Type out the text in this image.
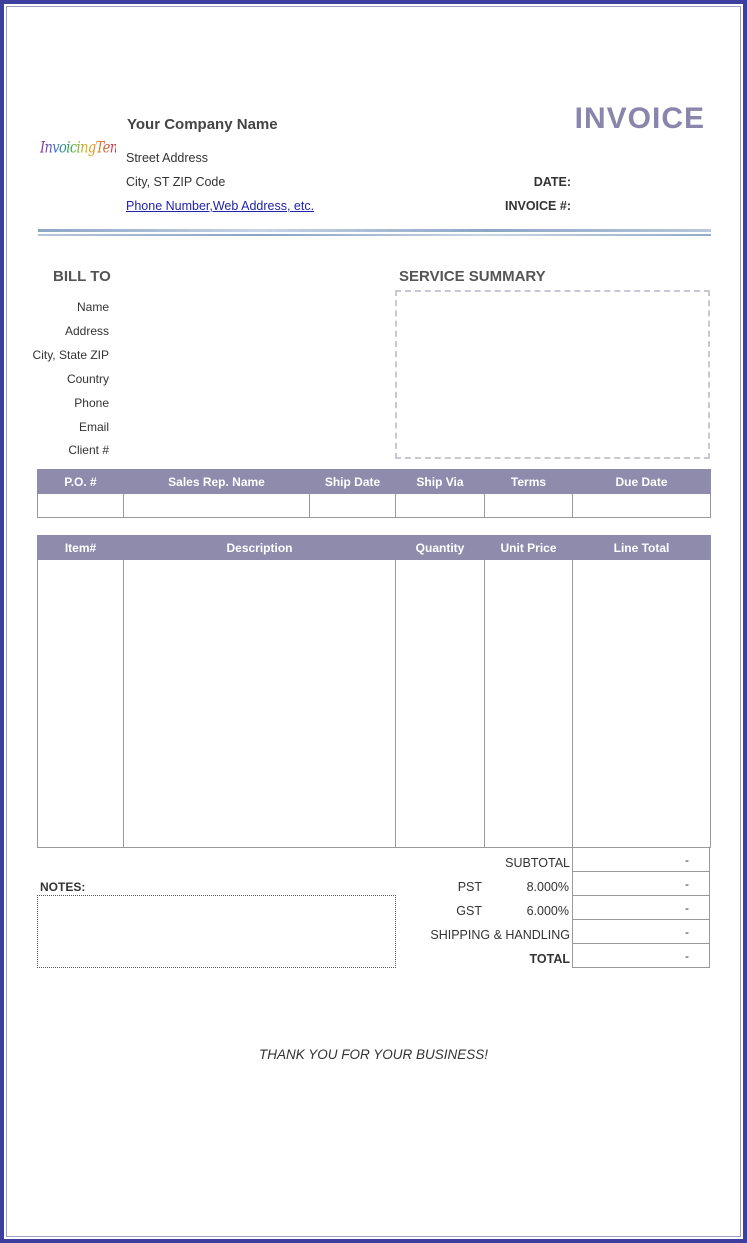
InvoicingTemplate
Your Company Name
Street Address
City, ST ZIP Code
Phone Number,Web Address, etc.
INVOICE
DATE:
INVOICE #:
BILL TO
Name
Address
City, State ZIP
Country
Phone
Email
Client #
SERVICE SUMMARY
P.O. #	Sales Rep. Name	Ship Date	Ship Via	Terms	Due Date

Item#	Description	Quantity	Unit Price	Line Total

SUBTOTAL	-
PST	8.000%	-
GST	6.000%	-
SHIPPING & HANDLING	-
TOTAL	-
NOTES:
THANK YOU FOR YOUR BUSINESS!
